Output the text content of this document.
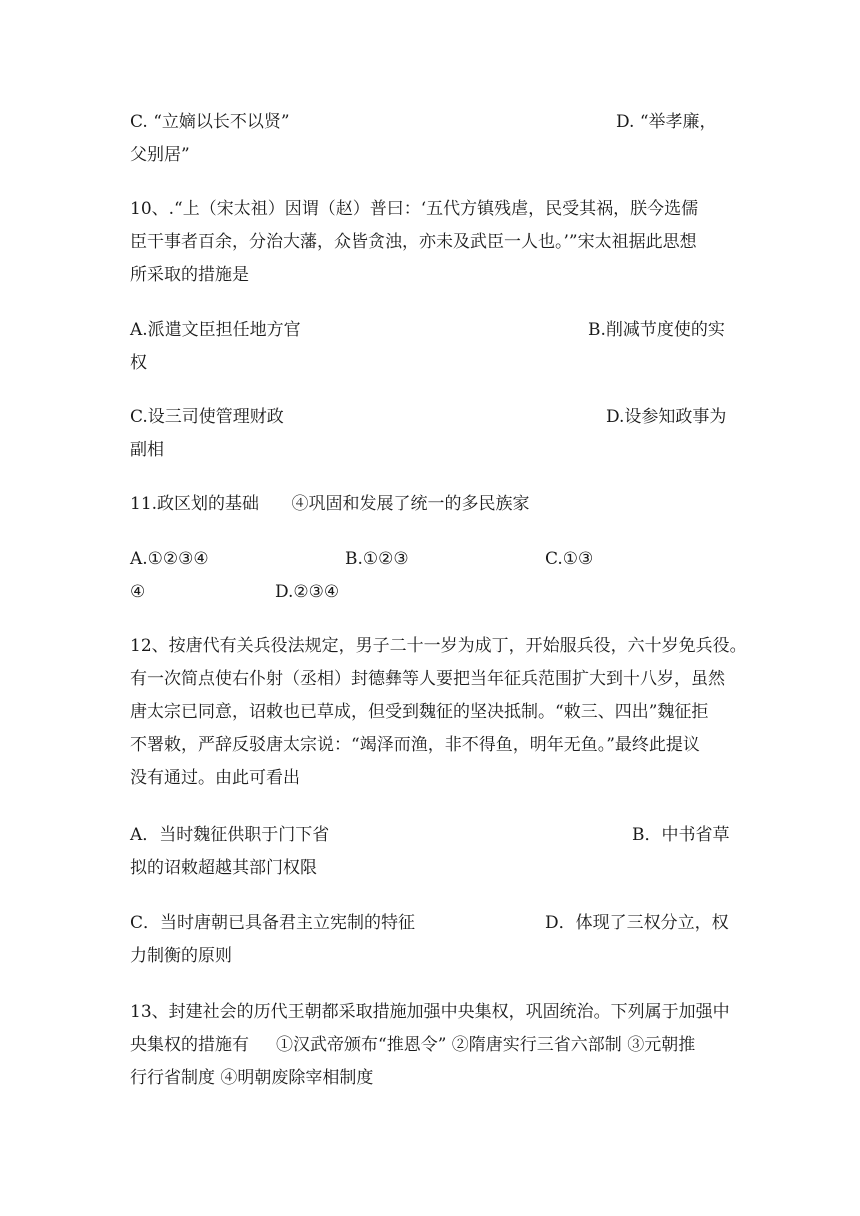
C. “立嫡以长不以贤”	D. “举孝廉，

父别居”

10、.“上（宋太祖）因谓（赵）普曰：‘五代方镇残虐，民受其祸，朕今选儒

臣干事者百余，分治大藩，众皆贪浊，亦未及武臣一人也。’”宋太祖据此思想

所采取的措施是

A.派遣文臣担任地方官	B.削减节度使的实

权

C.设三司使管理财政	D.设参知政事为

副相

11.政区划的基础      ④巩固和发展了统一的多民族家

A.①②③④	B.①②③	C.①③

④	D.②③④

12、按唐代有关兵役法规定，男子二十一岁为成丁，开始服兵役，六十岁免兵役。

有一次简点使右仆射（丞相）封德彝等人要把当年征兵范围扩大到十八岁，虽然

唐太宗已同意，诏敕也已草成，但受到魏征的坚决抵制。“敕三、四出”魏征拒

不署敕，严辞反驳唐太宗说：“竭泽而渔，非不得鱼，明年无鱼。”最终此提议

没有通过。由此可看出

A．当时魏征供职于门下省	B．中书省草

拟的诏敕超越其部门权限

C．当时唐朝已具备君主立宪制的特征	D．体现了三权分立，权

力制衡的原则

13、封建社会的历代王朝都采取措施加强中央集权，巩固统治。下列属于加强中

央集权的措施有     ①汉武帝颁布“推恩令” ②隋唐实行三省六部制 ③元朝推

行行省制度 ④明朝废除宰相制度
